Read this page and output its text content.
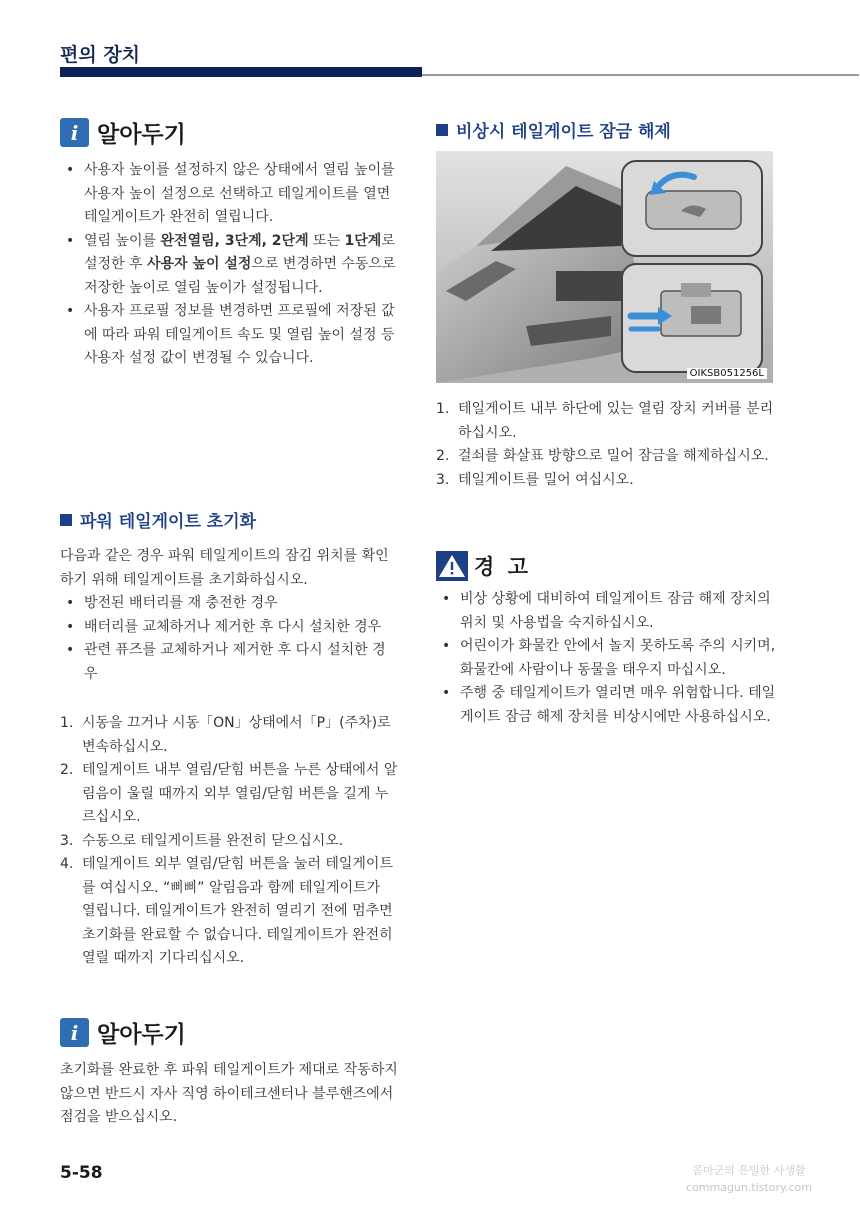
편의 장치
i 알아두기
• 사용자 높이를 설정하지 않은 상태에서 열림 높이를 사용자 높이 설정으로 선택하고 테일게이트를 열면 테일게이트가 완전히 열립니다.
• 열림 높이를 완전열림, 3단계, 2단계 또는 1단계로 설정한 후 사용자 높이 설정으로 변경하면 수동으로 저장한 높이로 열림 높이가 설정됩니다.
• 사용자 프로필 정보를 변경하면 프로필에 저장된 값에 따라 파워 테일게이트 속도 및 열림 높이 설정 등 사용자 설정 값이 변경될 수 있습니다.
파워 테일게이트 초기화

다음과 같은 경우 파워 테일게이트의 잠김 위치를 확인하기 위해 테일게이트를 초기화하십시오.

• 방전된 배터리를 재 충전한 경우
• 배터리를 교체하거나 제거한 후 다시 설치한 경우
• 관련 퓨즈를 교체하거나 제거한 후 다시 설치한 경우
1. 시동을 끄거나 시동「ON」상태에서「P」(주차)로 변속하십시오.
2. 테일게이트 내부 열림/닫힘 버튼을 누른 상태에서 알림음이 울릴 때까지 외부 열림/닫힘 버튼을 길게 누르십시오.
3. 수동으로 테일게이트를 완전히 닫으십시오.
4. 테일게이트 외부 열림/닫힘 버튼을 눌러 테일게이트를 여십시오. “삐삐” 알림음과 함께 테일게이트가 열립니다. 테일게이트가 완전히 열리기 전에 멈추면 초기화를 완료할 수 없습니다. 테일게이트가 완전히 열릴 때까지 기다리십시오.
i 알아두기

초기화를 완료한 후 파워 테일게이트가 제대로 작동하지 않으면 반드시 자사 직영 하이테크센터나 블루핸즈에서 점검을 받으십시오.

비상시 테일게이트 잠금 해제
OIKSB051256L
1. 테일게이트 내부 하단에 있는 열림 장치 커버를 분리하십시오.
2. 걸쇠를 화살표 방향으로 밀어 잠금을 해제하십시오.
3. 테일게이트를 밀어 여십시오.
경 고
• 비상 상황에 대비하여 테일게이트 잠금 해제 장치의 위치 및 사용법을 숙지하십시오.
• 어린이가 화물칸 안에서 놀지 못하도록 주의 시키며, 화물칸에 사람이나 동물을 태우지 마십시오.
• 주행 중 테일게이트가 열리면 매우 위험합니다. 테일게이트 잠금 해제 장치를 비상시에만 사용하십시오.
5-58	콤마군의 은밀한 사생활
commagun.tistory.com
